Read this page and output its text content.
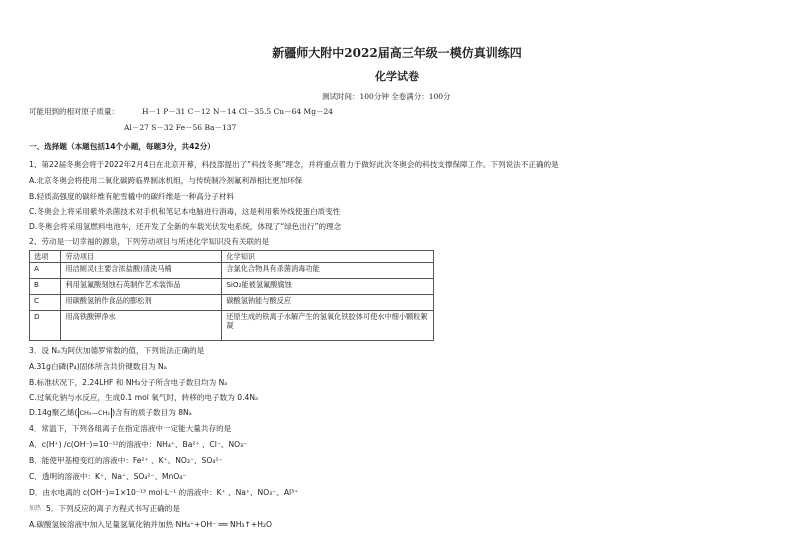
新疆师大附中2022届高三年级一模仿真训练四
化学试卷
测试时间：100分钟 全卷满分：100分
可能用到的相对原子质量：	H－1 P－31 C－12 N－14 Cl－35.5 Cu－64 Mg－24
Al－27 S－32 Fe－56 Ba－137
一、选择题（本题包括14个小题，每题3分，共42分）
1、第22届冬奥会将于2022年2月4日在北京开幕，科技部提出了“科技冬奥”理念，并将重点着力于做好此次冬奥会的科技支撑保障工作。下列说法不正确的是
A.北京冬奥会将使用二氧化碳跨临界制冰机组，与传统制冷剂氟利昂相比更加环保
B.轻质高强度的碳纤维有舵雪橇中的碳纤维是一种高分子材料
C.冬奥会上将采用紫外杀菌技术对手机和笔记本电脑进行消毒，这是利用紫外线使蛋白质变性
D.冬奥会将采用氢燃料电池车，还开发了全新的车载光伏发电系统，体现了“绿色出行”的理念
2、劳动是一切幸福的源泉，下列劳动项目与所述化学知识没有关联的是
选项	劳动项目	化学知识
A	用洁厕灵(主要含浓盐酸)清洗马桶	含氯化合物具有杀菌消毒功能
B	利用氢氟酸刻蚀石英制作艺术装饰品	SiO₂能被氢氟酸腐蚀
C	用碳酸氢钠作食品的膨松剂	碳酸氢钠能与酸反应
D	用高铁酸钾净水	还原生成的铁离子水解产生的氢氧化铁胶体可使水中细小颗粒絮凝
3．设 Nₐ为阿伏加德罗常数的值，下列说法正确的是
A.31g白磷(P₄)固体所含共价键数目为 Nₐ
B.标准状况下，2.24LHF 和 NH₃分子所含电子数目均为 Nₐ
C.过氧化钠与水反应，生成0.1 mol 氧气时，转移的电子数为 0.4Nₐ
D.14g聚乙烯( CH₂—CH₂ )含有的质子数目为 8Nₐ
4．常温下，下列各组离子在指定溶液中一定能大量共存的是
A．c(H⁺) /c(OH⁻)=10⁻¹²的溶液中：NH₄⁺、Ba²⁺ 、Cl⁻、NO₃⁻
B．能使甲基橙变红的溶液中：Fe²⁺ 、K⁺、NO₃⁻、SO₄²⁻
C．透明的溶液中：K⁺、Na⁺、SO₄²⁻、MnO₄⁻
D．由水电离的 c(OH⁻)=1×10⁻¹³ mol·L⁻¹ 的溶液中：K⁺ 、Na⁺、NO₃⁻、Al³⁺
加热 5．下列反应的离子方程式书写正确的是
A.碳酸氢铵溶液中加入足量氢氧化钠并加热 NH₄⁺+OH⁻ ══ NH₃↑+H₂O
